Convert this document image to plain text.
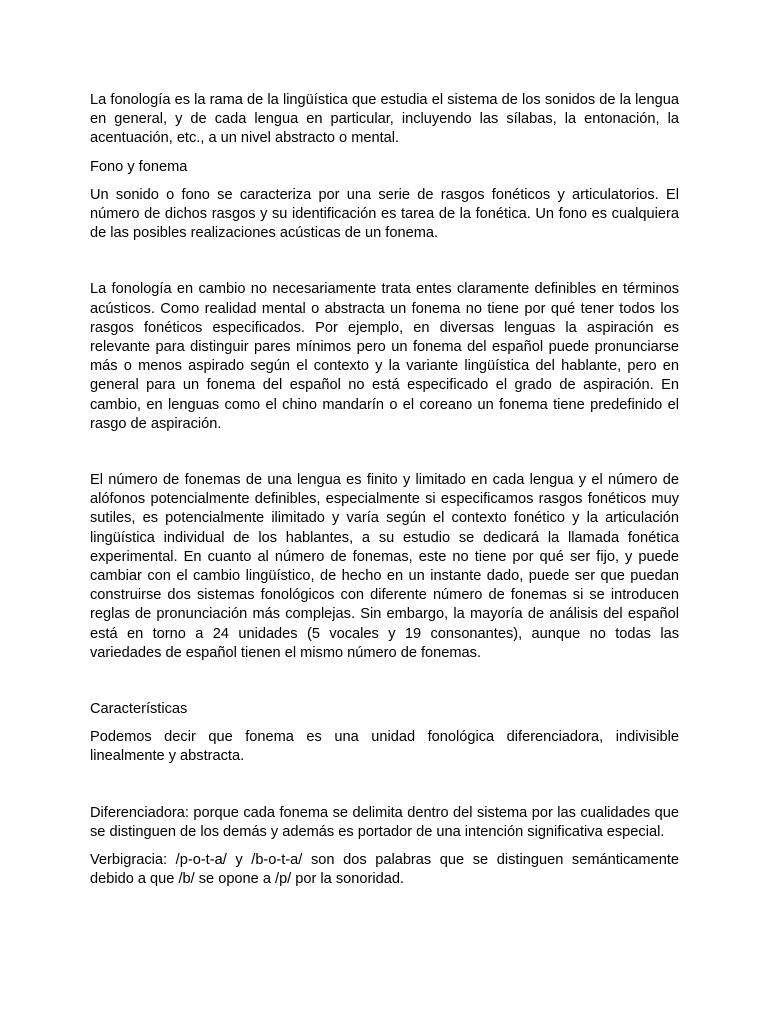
La fonología es la rama de la lingüística que estudia el sistema de los sonidos de la lengua en general, y de cada lengua en particular, incluyendo las sílabas, la entonación, la acentuación, etc., a un nivel abstracto o mental.

Fono y fonema

Un sonido o fono se caracteriza por una serie de rasgos fonéticos y articulatorios. El número de dichos rasgos y su identificación es tarea de la fonética. Un fono es cualquiera de las posibles realizaciones acústicas de un fonema.

La fonología en cambio no necesariamente trata entes claramente definibles en términos acústicos. Como realidad mental o abstracta un fonema no tiene por qué tener todos los rasgos fonéticos especificados. Por ejemplo, en diversas lenguas la aspiración es relevante para distinguir pares mínimos pero un fonema del español puede pronunciarse más o menos aspirado según el contexto y la variante lingüística del hablante, pero en general para un fonema del español no está especificado el grado de aspiración. En cambio, en lenguas como el chino mandarín o el coreano un fonema tiene predefinido el rasgo de aspiración.

El número de fonemas de una lengua es finito y limitado en cada lengua y el número de alófonos potencialmente definibles, especialmente si especificamos rasgos fonéticos muy sutiles, es potencialmente ilimitado y varía según el contexto fonético y la articulación lingüística individual de los hablantes, a su estudio se dedicará la llamada fonética experimental. En cuanto al número de fonemas, este no tiene por qué ser fijo, y puede cambiar con el cambio lingüístico, de hecho en un instante dado, puede ser que puedan construirse dos sistemas fonológicos con diferente número de fonemas si se introducen reglas de pronunciación más complejas. Sin embargo, la mayoría de análisis del español está en torno a 24 unidades (5 vocales y 19 consonantes), aunque no todas las variedades de español tienen el mismo número de fonemas.

Características

Podemos decir que fonema es una unidad fonológica diferenciadora, indivisible linealmente y abstracta.

Diferenciadora: porque cada fonema se delimita dentro del sistema por las cualidades que se distinguen de los demás y además es portador de una intención significativa especial.

Verbigracia: /p-o-t-a/ y /b-o-t-a/ son dos palabras que se distinguen semánticamente debido a que /b/ se opone a /p/ por la sonoridad.
